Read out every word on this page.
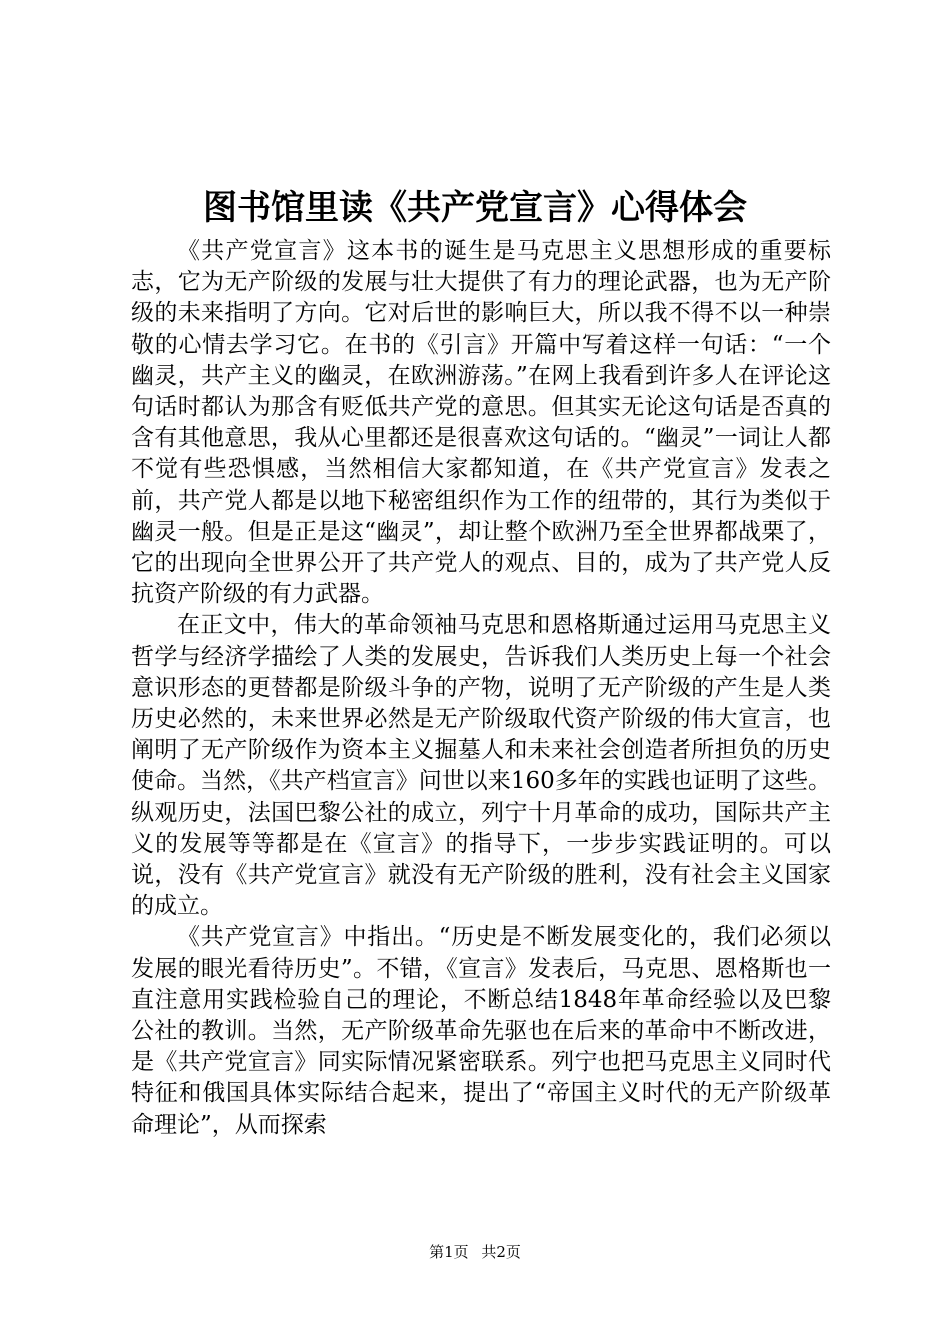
图书馆里读《共产党宣言》心得体会

《共产党宣言》这本书的诞生是马克思主义思想形成的重要标志，它为无产阶级的发展与壮大提供了有力的理论武器，也为无产阶级的未来指明了方向。它对后世的影响巨大，所以我不得不以一种崇敬的心情去学习它。在书的《引言》开篇中写着这样一句话：“一个幽灵，共产主义的幽灵，在欧洲游荡。”在网上我看到许多人在评论这句话时都认为那含有贬低共产党的意思。但其实无论这句话是否真的含有其他意思，我从心里都还是很喜欢这句话的。“幽灵”一词让人都不觉有些恐惧感，当然相信大家都知道，在《共产党宣言》发表之前，共产党人都是以地下秘密组织作为工作的纽带的，其行为类似于幽灵一般。但是正是这“幽灵”，却让整个欧洲乃至全世界都战栗了，它的出现向全世界公开了共产党人的观点、目的，成为了共产党人反抗资产阶级的有力武器。

在正文中，伟大的革命领袖马克思和恩格斯通过运用马克思主义哲学与经济学描绘了人类的发展史，告诉我们人类历史上每一个社会意识形态的更替都是阶级斗争的产物，说明了无产阶级的产生是人类历史必然的，未来世界必然是无产阶级取代资产阶级的伟大宣言，也阐明了无产阶级作为资本主义掘墓人和未来社会创造者所担负的历史使命。当然，《共产档宣言》问世以来160多年的实践也证明了这些。纵观历史，法国巴黎公社的成立，列宁十月革命的成功，国际共产主义的发展等等都是在《宣言》的指导下，一步步实践证明的。可以说，没有《共产党宣言》就没有无产阶级的胜利，没有社会主义国家的成立。

《共产党宣言》中指出。“历史是不断发展变化的，我们必须以发展的眼光看待历史”。不错，《宣言》发表后，马克思、恩格斯也一直注意用实践检验自己的理论，不断总结1848年革命经验以及巴黎公社的教训。当然，无产阶级革命先驱也在后来的革命中不断改进，是《共产党宣言》同实际情况紧密联系。列宁也把马克思主义同时代特征和俄国具体实际结合起来，提出了“帝国主义时代的无产阶级革命理论”，从而探索

第1页 共2页
